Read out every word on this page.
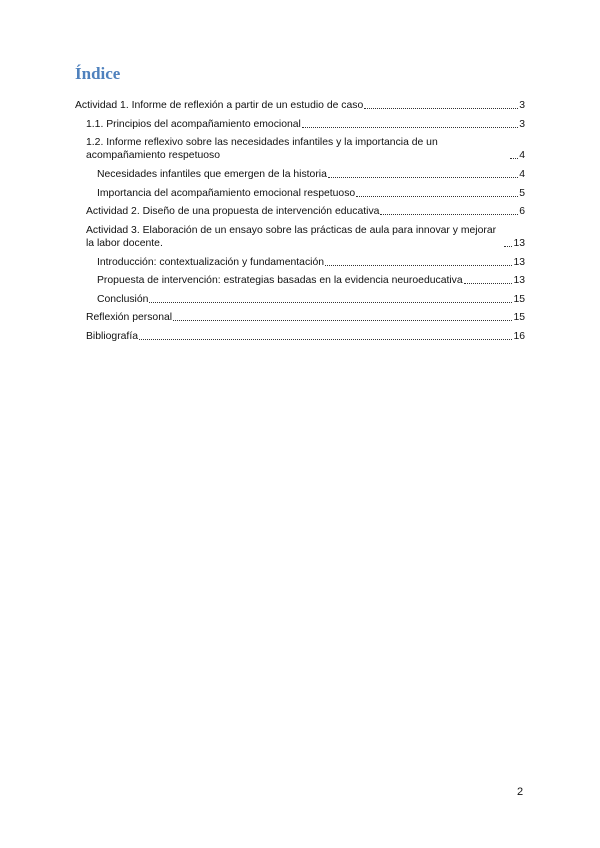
Índice
Actividad 1. Informe de reflexión a partir de un estudio de caso	3
1.1. Principios del acompañamiento emocional	3
1.2. Informe reflexivo sobre las necesidades infantiles y la importancia de un acompañamiento respetuoso	4
Necesidades infantiles que emergen de la historia	4
Importancia del acompañamiento emocional respetuoso	5
Actividad 2. Diseño de una propuesta de intervención educativa	6
Actividad 3. Elaboración de un ensayo sobre las prácticas de aula para innovar y mejorar la labor docente.	13
Introducción: contextualización y fundamentación	13
Propuesta de intervención: estrategias basadas en la evidencia neuroeducativa	13
Conclusión	15
Reflexión personal	15
Bibliografía	16
2
